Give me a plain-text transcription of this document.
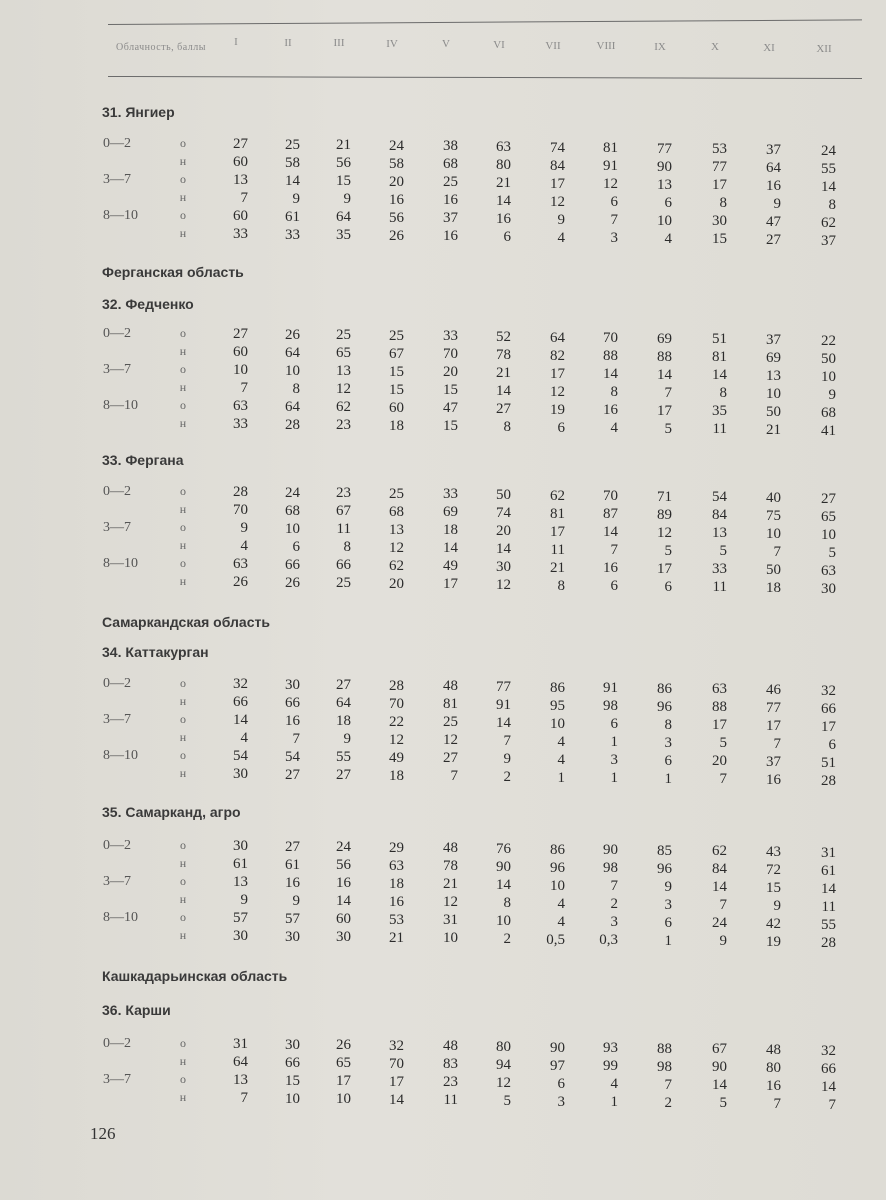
Облачность, баллы	I	II	III	IV	V	VI	VII	VIII	IX	X	XI	XII
31. Янгиер
0—2	о	27	25	21	24	38	63	74	81	77	53	37	24
н	60	58	56	58	68	80	84	91	90	77	64	55
3—7	о	13	14	15	20	25	21	17	12	13	17	16	14
н	7	9	9	16	16	14	12	6	6	8	9	8
8—10	о	60	61	64	56	37	16	9	7	10	30	47	62
н	33	33	35	26	16	6	4	3	4	15	27	37
Ферганская область
32. Федченко
0—2	о	27	26	25	25	33	52	64	70	69	51	37	22
н	60	64	65	67	70	78	82	88	88	81	69	50
3—7	о	10	10	13	15	20	21	17	14	14	14	13	10
н	7	8	12	15	15	14	12	8	7	8	10	9
8—10	о	63	64	62	60	47	27	19	16	17	35	50	68
н	33	28	23	18	15	8	6	4	5	11	21	41
33. Фергана
0—2	о	28	24	23	25	33	50	62	70	71	54	40	27
н	70	68	67	68	69	74	81	87	89	84	75	65
3—7	о	9	10	11	13	18	20	17	14	12	13	10	10
н	4	6	8	12	14	14	11	7	5	5	7	5
8—10	о	63	66	66	62	49	30	21	16	17	33	50	63
н	26	26	25	20	17	12	8	6	6	11	18	30
Самаркандская область
34. Каттакурган
0—2	о	32	30	27	28	48	77	86	91	86	63	46	32
н	66	66	64	70	81	91	95	98	96	88	77	66
3—7	о	14	16	18	22	25	14	10	6	8	17	17	17
н	4	7	9	12	12	7	4	1	3	5	7	6
8—10	о	54	54	55	49	27	9	4	3	6	20	37	51
н	30	27	27	18	7	2	1	1	1	7	16	28
35. Самарканд, агро
0—2	о	30	27	24	29	48	76	86	90	85	62	43	31
н	61	61	56	63	78	90	96	98	96	84	72	61
3—7	о	13	16	16	18	21	14	10	7	9	14	15	14
н	9	9	14	16	12	8	4	2	3	7	9	11
8—10	о	57	57	60	53	31	10	4	3	6	24	42	55
н	30	30	30	21	10	2	0,5	0,3	1	9	19	28
Кашкадарьинская область
36. Карши
0—2	о	31	30	26	32	48	80	90	93	88	67	48	32
н	64	66	65	70	83	94	97	99	98	90	80	66
3—7	о	13	15	17	17	23	12	6	4	7	14	16	14
н	7	10	10	14	11	5	3	1	2	5	7	7
126
